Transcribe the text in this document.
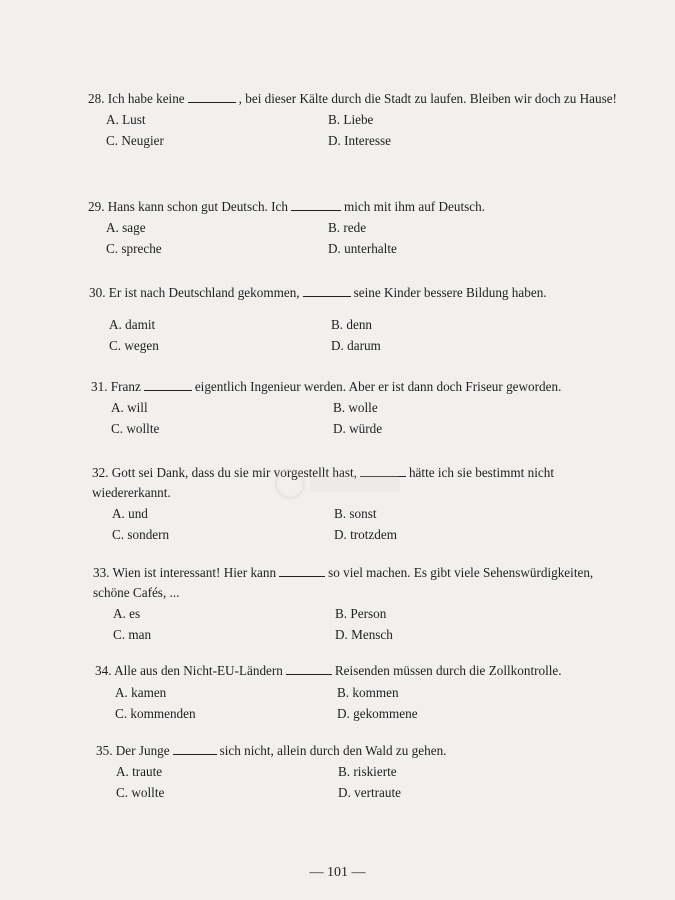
28. Ich habe keine	, bei dieser Kälte durch die Stadt zu laufen. Bleiben wir doch zu Hause!

A. Lust	B. Liebe
C. Neugier	D. Interesse

29. Hans kann schon gut Deutsch. Ich	mich mit ihm auf Deutsch.

A. sage	B. rede
C. spreche	D. unterhalte

30. Er ist nach Deutschland gekommen,	seine Kinder bessere Bildung haben.

A. damit	B. denn
C. wegen	D. darum

31. Franz	eigentlich Ingenieur werden. Aber er ist dann doch Friseur geworden.

A. will	B. wolle
C. wollte	D. würde

32. Gott sei Dank, dass du sie mir vorgestellt hast,	hätte ich sie bestimmt nicht wiedererkannt.

A. und	B. sonst
C. sondern	D. trotzdem

33. Wien ist interessant! Hier kann	so viel machen. Es gibt viele Sehenswürdigkeiten, schöne Cafés, ...

A. es	B. Person
C. man	D. Mensch

34. Alle aus den Nicht-EU-Ländern	Reisenden müssen durch die Zollkontrolle.

A. kamen	B. kommen
C. kommenden	D. gekommene

35. Der Junge	sich nicht, allein durch den Wald zu gehen.

A. traute	B. riskierte
C. wollte	D. vertraute
— 101 —
